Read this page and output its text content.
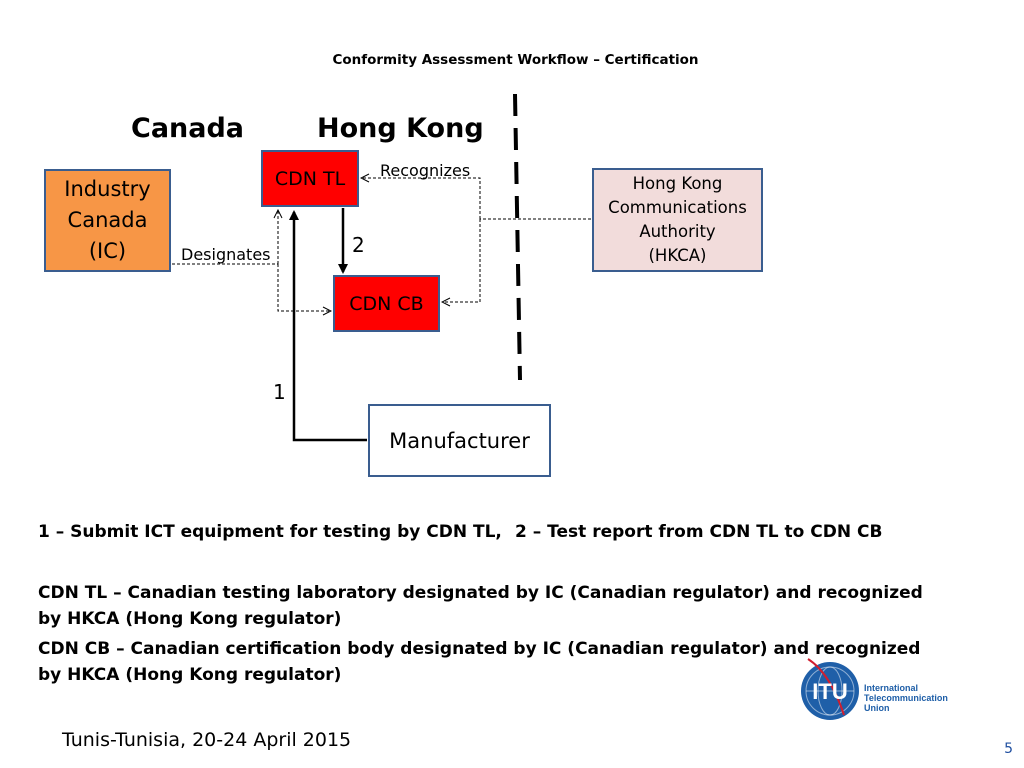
Conformity Assessment Workflow – Certification
Canada	Hong Kong
Industry
Canada
(IC)
CDN TL
CDN CB
Hong Kong
Communications
Authority
(HKCA)
Manufacturer
Recognizes
Designates	2
1
1 – Submit ICT equipment for testing by CDN TL, 2 – Test report from CDN TL to CDN CB
CDN TL – Canadian testing laboratory designated by IC (Canadian regulator) and recognized by HKCA (Hong Kong regulator)
CDN CB – Canadian certification body designated by IC (Canadian regulator) and recognized by HKCA (Hong Kong regulator)
ITU International
Telecommunication
Union
Tunis-Tunisia, 20-24 April 2015	5
